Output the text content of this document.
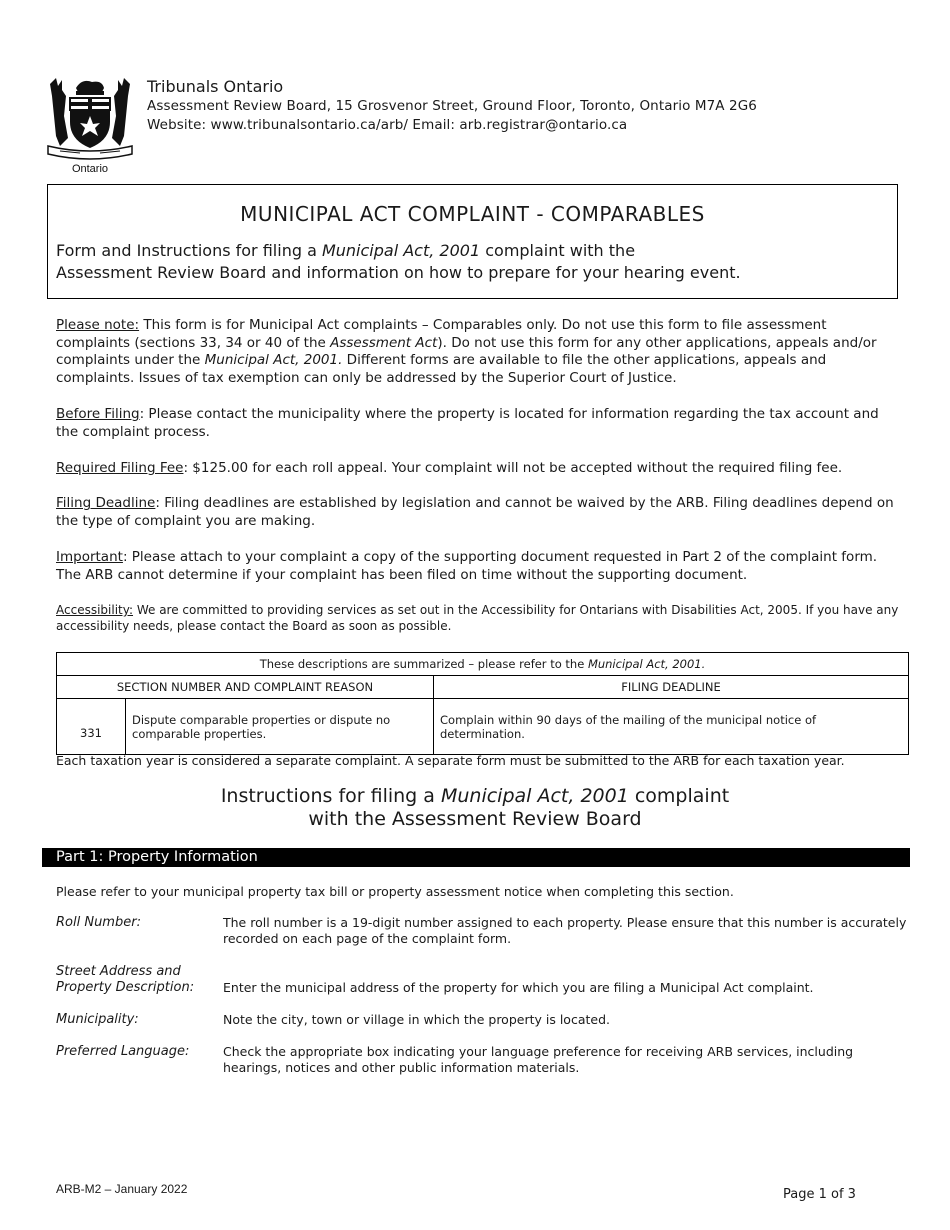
Ontario
Tribunals Ontario
Assessment Review Board, 15 Grosvenor Street, Ground Floor, Toronto, Ontario M7A 2G6
Website: www.tribunalsontario.ca/arb/ Email: arb.registrar@ontario.ca
MUNICIPAL ACT COMPLAINT - COMPARABLES
Form and Instructions for filing a Municipal Act, 2001 complaint with the
Assessment Review Board and information on how to prepare for your hearing event.
Please note: This form is for Municipal Act complaints – Comparables only. Do not use this form to file assessment complaints (sections 33, 34 or 40 of the Assessment Act). Do not use this form for any other applications, appeals and/or complaints under the Municipal Act, 2001. Different forms are available to file the other applications, appeals and complaints. Issues of tax exemption can only be addressed by the Superior Court of Justice.
Before Filing: Please contact the municipality where the property is located for information regarding the tax account and the complaint process.
Required Filing Fee: $125.00 for each roll appeal. Your complaint will not be accepted without the required filing fee.
Filing Deadline: Filing deadlines are established by legislation and cannot be waived by the ARB. Filing deadlines depend on the type of complaint you are making.
Important: Please attach to your complaint a copy of the supporting document requested in Part 2 of the complaint form. The ARB cannot determine if your complaint has been filed on time without the supporting document.
Accessibility: We are committed to providing services as set out in the Accessibility for Ontarians with Disabilities Act, 2005. If you have any accessibility needs, please contact the Board as soon as possible.
These descriptions are summarized – please refer to the Municipal Act, 2001.		
SECTION NUMBER AND COMPLAINT REASON		FILING DEADLINE
331	Dispute comparable properties or dispute no comparable properties.	Complain within 90 days of the mailing of the municipal notice of determination.
Each taxation year is considered a separate complaint. A separate form must be submitted to the ARB for each taxation year.
Instructions for filing a Municipal Act, 2001 complaint
with the Assessment Review Board
Part 1: Property Information
Please refer to your municipal property tax bill or property assessment notice when completing this section.
Roll Number:	The roll number is a 19-digit number assigned to each property. Please ensure that this number is accurately recorded on each page of the complaint form.
Street Address and
Property Description: Enter the municipal address of the property for which you are filing a Municipal Act complaint.
Municipality:	Note the city, town or village in which the property is located.
Preferred Language:	Check the appropriate box indicating your language preference for receiving ARB services, including hearings, notices and other public information materials.
ARB-M2 – January 2022	Page 1 of 3
